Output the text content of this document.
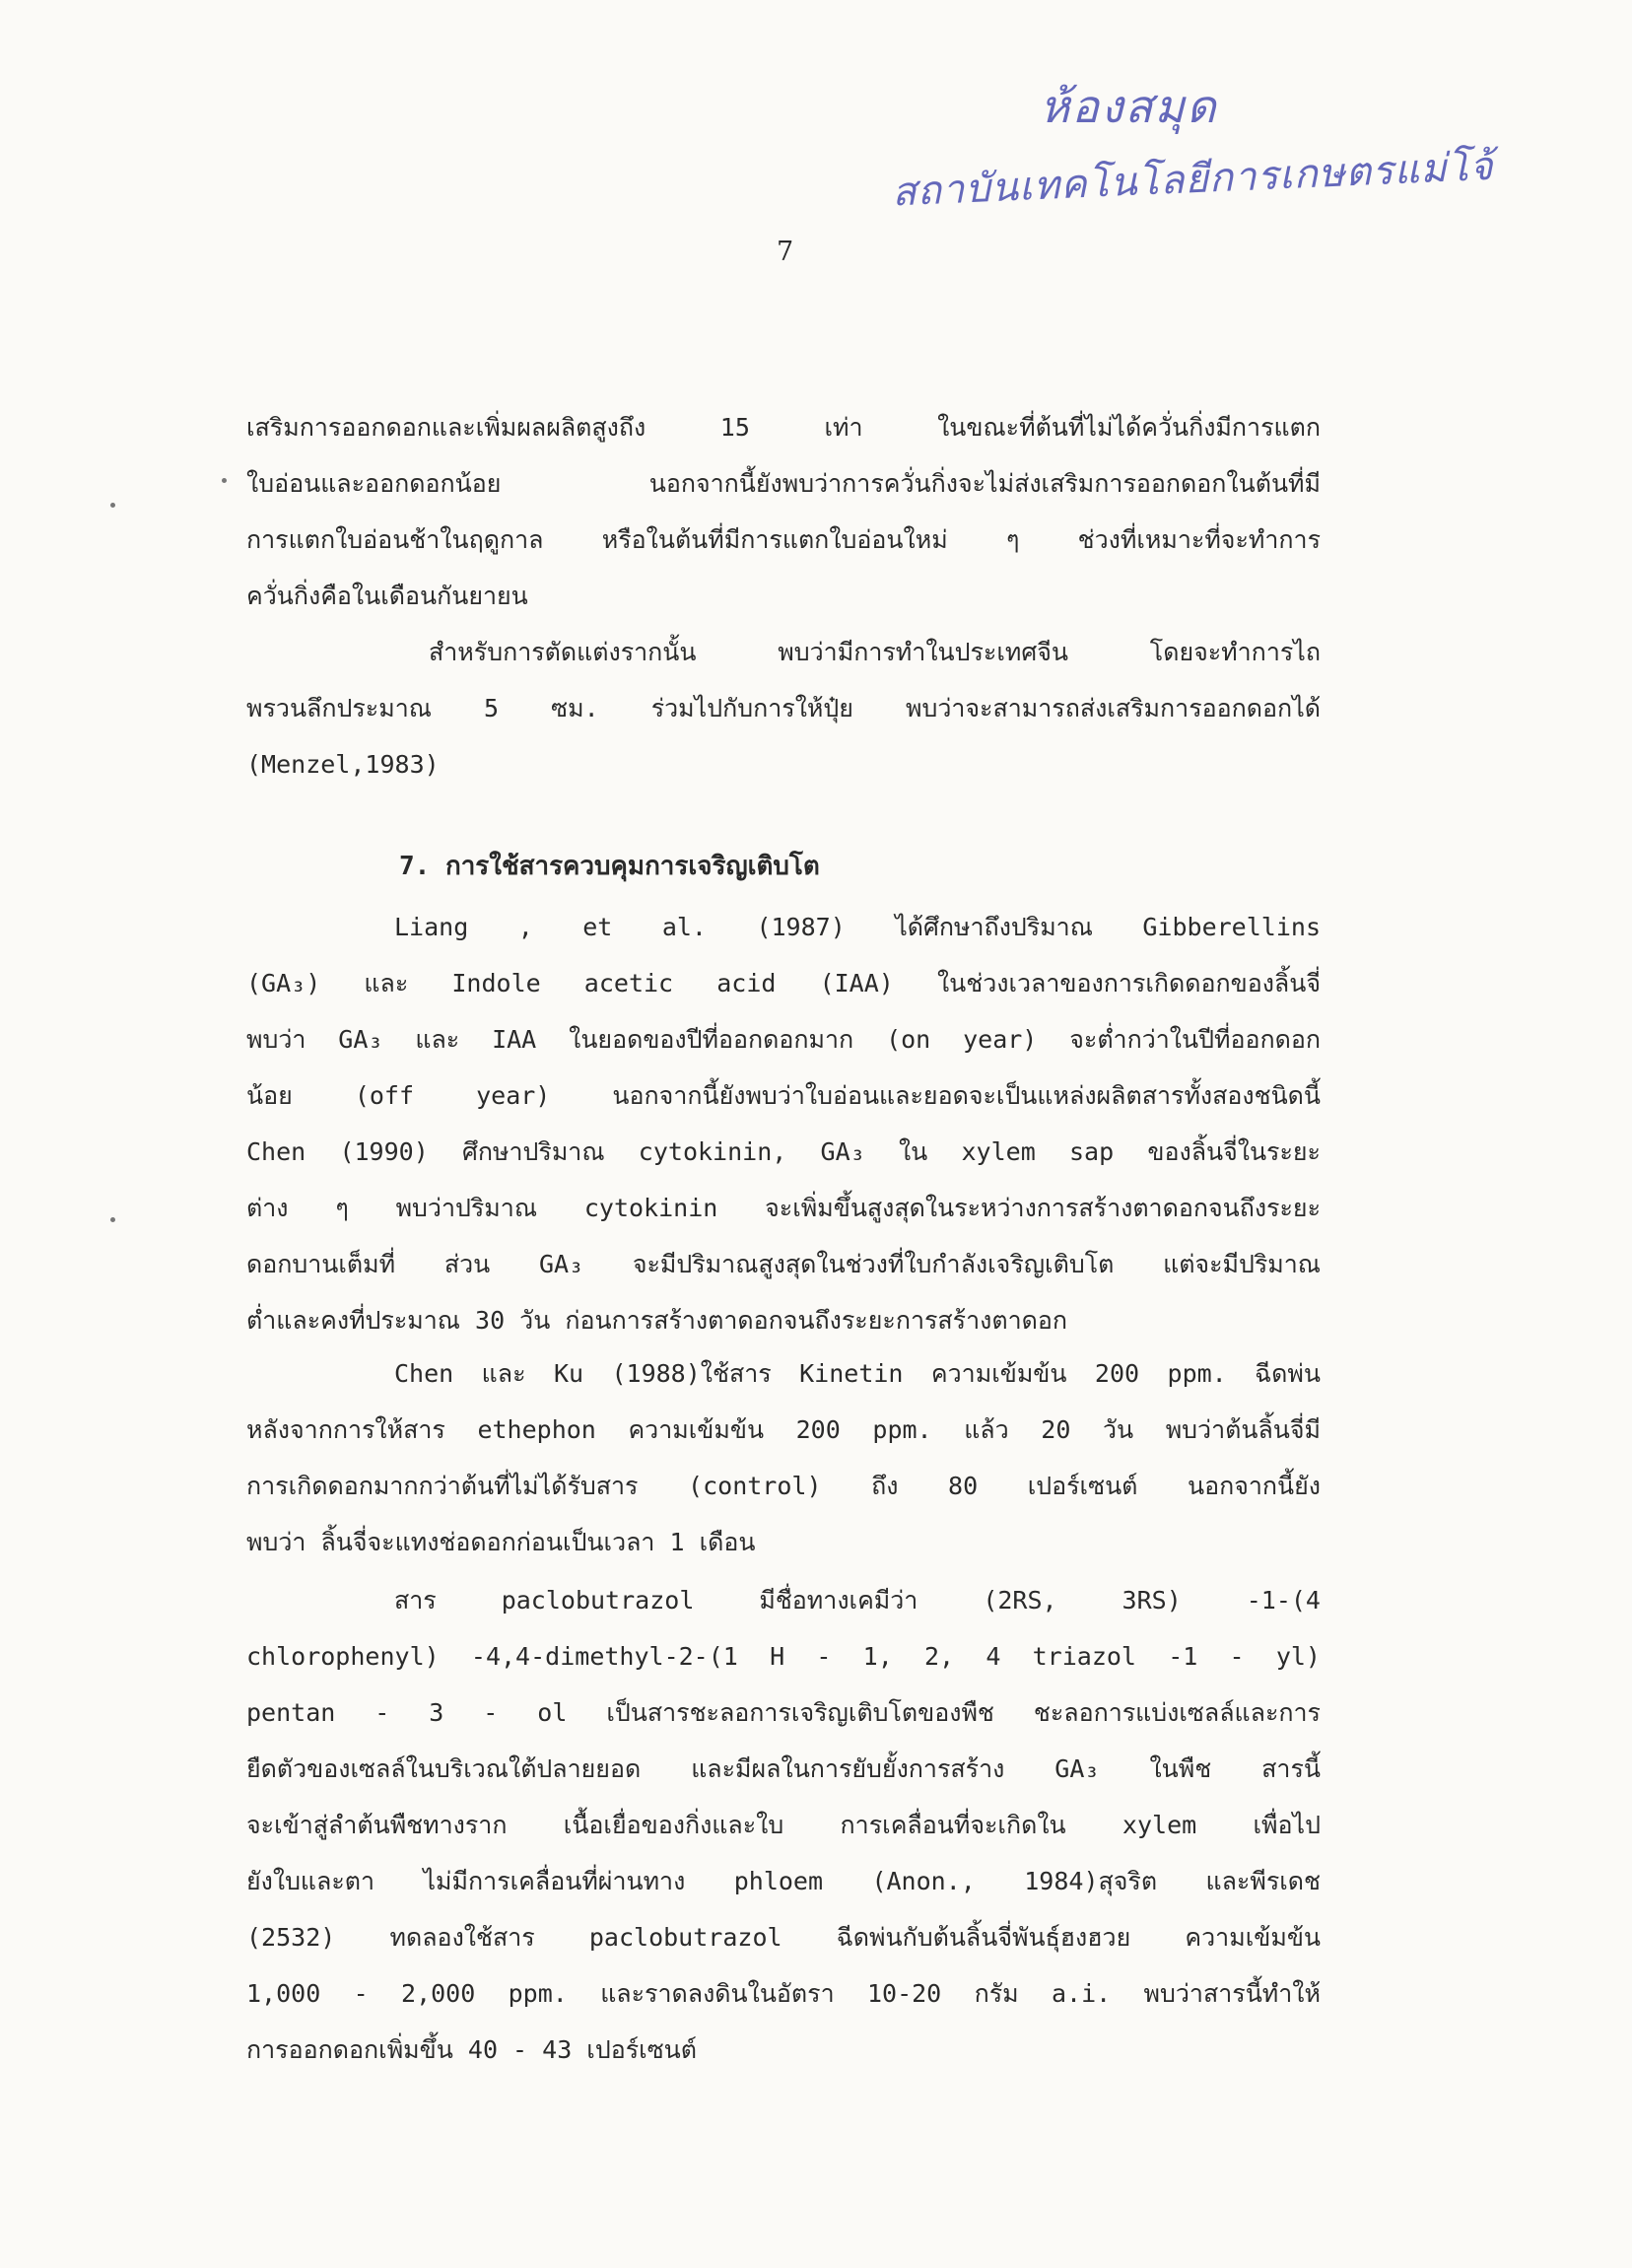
ห้องสมุด
สถาบันเทคโนโลยีการเกษตรแม่โจ้
7
เสริมการออกดอกและเพิ่มผลผลิตสูงถึง 15 เท่า ในขณะที่ต้นที่ไม่ได้ควั่นกิ่งมีการแตก
ใบอ่อนและออกดอกน้อย นอกจากนี้ยังพบว่าการควั่นกิ่งจะไม่ส่งเสริมการออกดอกในต้นที่มี
การแตกใบอ่อนช้าในฤดูกาล หรือในต้นที่มีการแตกใบอ่อนใหม่ ๆ ช่วงที่เหมาะที่จะทำการ
ควั่นกิ่งคือในเดือนกันยายน
สำหรับการตัดแต่งรากนั้น พบว่ามีการทำในประเทศจีน โดยจะทำการไถ
พรวนลึกประมาณ 5 ซม. ร่วมไปกับการให้ปุ๋ย พบว่าจะสามารถส่งเสริมการออกดอกได้
(Menzel,1983)
7. การใช้สารควบคุมการเจริญเติบโต
Liang , et al. (1987) ได้ศึกษาถึงปริมาณ Gibberellins
(GA₃) และ Indole acetic acid (IAA) ในช่วงเวลาของการเกิดดอกของลิ้นจี่
พบว่า GA₃ และ IAA ในยอดของปีที่ออกดอกมาก (on year) จะต่ำกว่าในปีที่ออกดอก
น้อย (off year) นอกจากนี้ยังพบว่าใบอ่อนและยอดจะเป็นแหล่งผลิตสารทั้งสองชนิดนี้
Chen (1990) ศึกษาปริมาณ cytokinin, GA₃ ใน xylem sap ของลิ้นจี่ในระยะ
ต่าง ๆ พบว่าปริมาณ cytokinin จะเพิ่มขึ้นสูงสุดในระหว่างการสร้างตาดอกจนถึงระยะ
ดอกบานเต็มที่ ส่วน GA₃ จะมีปริมาณสูงสุดในช่วงที่ใบกำลังเจริญเติบโต แต่จะมีปริมาณ
ต่ำและคงที่ประมาณ 30 วัน ก่อนการสร้างตาดอกจนถึงระยะการสร้างตาดอก
Chen และ Ku (1988)ใช้สาร Kinetin ความเข้มข้น 200 ppm. ฉีดพ่น
หลังจากการให้สาร ethephon ความเข้มข้น 200 ppm. แล้ว 20 วัน พบว่าต้นลิ้นจี่มี
การเกิดดอกมากกว่าต้นที่ไม่ได้รับสาร (control) ถึง 80 เปอร์เซนต์ นอกจากนี้ยัง
พบว่า ลิ้นจี่จะแทงช่อดอกก่อนเป็นเวลา 1 เดือน
สาร paclobutrazol มีชื่อทางเคมีว่า (2RS, 3RS) -1-(4
chlorophenyl) -4,4-dimethyl-2-(1 H - 1, 2, 4 triazol -1 - yl)
pentan - 3 - ol เป็นสารชะลอการเจริญเติบโตของพืช ชะลอการแบ่งเซลล์และการ
ยืดตัวของเซลล์ในบริเวณใต้ปลายยอด และมีผลในการยับยั้งการสร้าง GA₃ ในพืช สารนี้
จะเข้าสู่ลำต้นพืชทางราก เนื้อเยื่อของกิ่งและใบ การเคลื่อนที่จะเกิดใน xylem เพื่อไป
ยังใบและตา ไม่มีการเคลื่อนที่ผ่านทาง phloem (Anon., 1984)สุจริต และพีรเดช
(2532) ทดลองใช้สาร paclobutrazol ฉีดพ่นกับต้นลิ้นจี่พันธุ์ฮงฮวย ความเข้มข้น
1,000 - 2,000 ppm. และราดลงดินในอัตรา 10-20 กรัม a.i. พบว่าสารนี้ทำให้
การออกดอกเพิ่มขึ้น 40 - 43 เปอร์เซนต์
